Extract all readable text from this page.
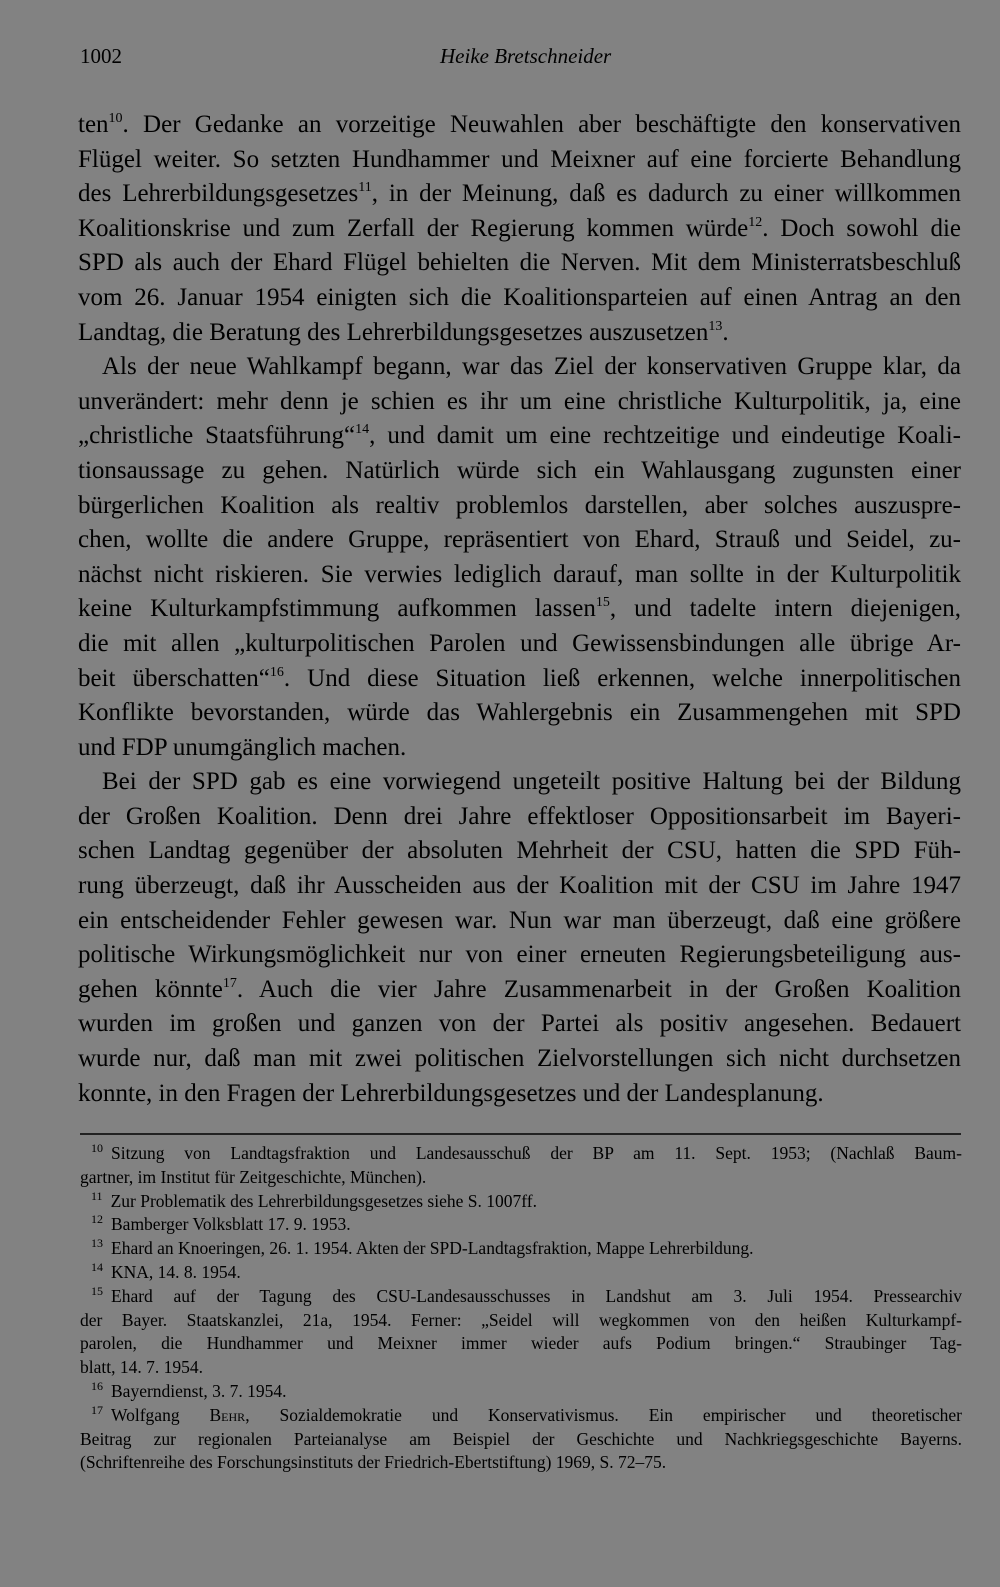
1002	Heike Bretschneider
ten$^{10}$. Der Gedanke an vorzeitige Neuwahlen aber beschäftigte den konservativen
Flügel weiter. So setzten Hundhammer und Meixner auf eine forcierte Behandlung
des Lehrerbildungsgesetzes$^{11}$, in der Meinung, daß es dadurch zu einer willkommen
Koalitionskrise und zum Zerfall der Regierung kommen würde$^{12}$. Doch sowohl die
SPD als auch der Ehard Flügel behielten die Nerven. Mit dem Ministerratsbeschluß
vom 26. Januar 1954 einigten sich die Koalitionsparteien auf einen Antrag an den
Landtag, die Beratung des Lehrerbildungsgesetzes auszusetzen$^{13}$.
Als der neue Wahlkampf begann, war das Ziel der konservativen Gruppe klar, da
unverändert: mehr denn je schien es ihr um eine christliche Kulturpolitik, ja, eine
„christliche Staatsführung“$^{14}$, und damit um eine rechtzeitige und eindeutige Koali-
tionsaussage zu gehen. Natürlich würde sich ein Wahlausgang zugunsten einer
bürgerlichen Koalition als realtiv problemlos darstellen, aber solches auszuspre-
chen, wollte die andere Gruppe, repräsentiert von Ehard, Strauß und Seidel, zu-
nächst nicht riskieren. Sie verwies lediglich darauf, man sollte in der Kulturpolitik
keine Kulturkampfstimmung aufkommen lassen$^{15}$, und tadelte intern diejenigen,
die mit allen „kulturpolitischen Parolen und Gewissensbindungen alle übrige Ar-
beit überschatten“$^{16}$. Und diese Situation ließ erkennen, welche innerpolitischen
Konflikte bevorstanden, würde das Wahlergebnis ein Zusammengehen mit SPD
und FDP unumgänglich machen.
Bei der SPD gab es eine vorwiegend ungeteilt positive Haltung bei der Bildung
der Großen Koalition. Denn drei Jahre effektloser Oppositionsarbeit im Bayeri-
schen Landtag gegenüber der absoluten Mehrheit der CSU, hatten die SPD Füh-
rung überzeugt, daß ihr Ausscheiden aus der Koalition mit der CSU im Jahre 1947
ein entscheidender Fehler gewesen war. Nun war man überzeugt, daß eine größere
politische Wirkungsmöglichkeit nur von einer erneuten Regierungsbeteiligung aus-
gehen könnte$^{17}$. Auch die vier Jahre Zusammenarbeit in der Großen Koalition
wurden im großen und ganzen von der Partei als positiv angesehen. Bedauert
wurde nur, daß man mit zwei politischen Zielvorstellungen sich nicht durchsetzen
konnte, in den Fragen der Lehrerbildungsgesetzes und der Landesplanung.
$^{10}$ Sitzung von Landtagsfraktion und Landesausschuß der BP am 11. Sept. 1953; (Nachlaß Baum-
gartner, im Institut für Zeitgeschichte, München).
$^{11}$ Zur Problematik des Lehrerbildungsgesetzes siehe S. 1007ff.
$^{12}$ Bamberger Volksblatt 17. 9. 1953.
$^{13}$ Ehard an Knoeringen, 26. 1. 1954. Akten der SPD-Landtagsfraktion, Mappe Lehrerbildung.
$^{14}$ KNA, 14. 8. 1954.
$^{15}$ Ehard auf der Tagung des CSU-Landesausschusses in Landshut am 3. Juli 1954. Pressearchiv
der Bayer. Staatskanzlei, 21a, 1954. Ferner: „Seidel will wegkommen von den heißen Kulturkampf-
parolen, die Hundhammer und Meixner immer wieder aufs Podium bringen.“ Straubinger Tag-
blatt, 14. 7. 1954.
$^{16}$ Bayerndienst, 3. 7. 1954.
$^{17}$ Wolfgang Behr, Sozialdemokratie und Konservativismus. Ein empirischer und theoretischer
Beitrag zur regionalen Parteianalyse am Beispiel der Geschichte und Nachkriegsgeschichte Bayerns.
(Schriftenreihe des Forschungsinstituts der Friedrich-Ebertstiftung) 1969, S. 72–75.
